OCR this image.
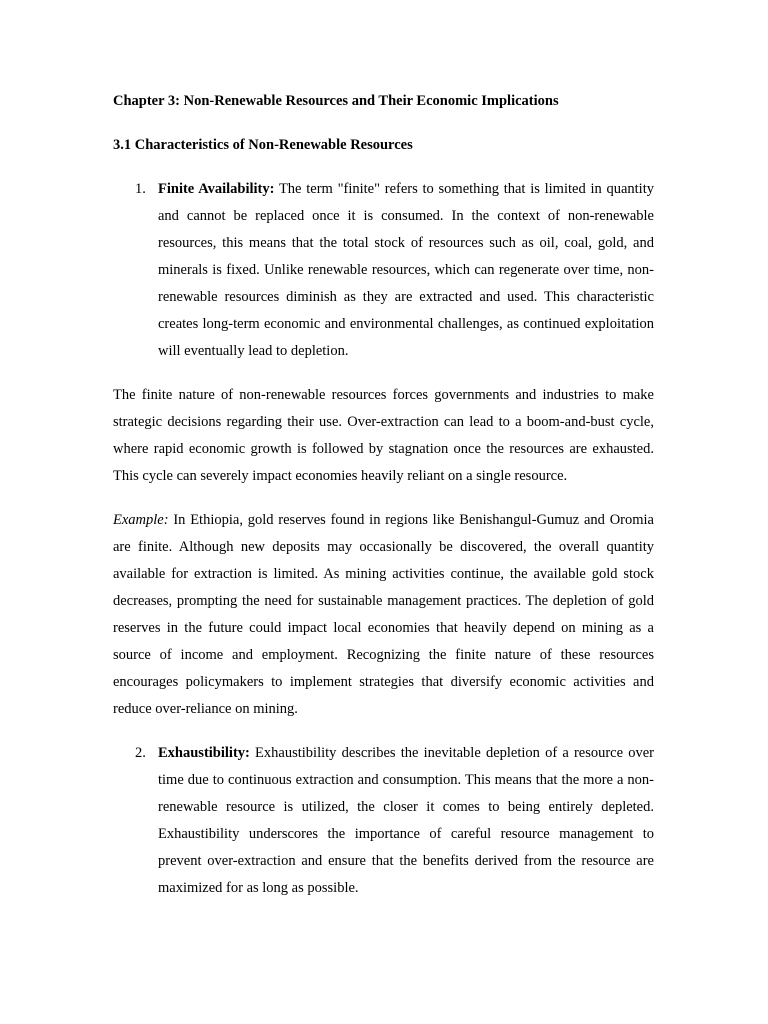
Chapter 3: Non-Renewable Resources and Their Economic Implications
3.1 Characteristics of Non-Renewable Resources
1. Finite Availability: The term "finite" refers to something that is limited in quantity and cannot be replaced once it is consumed. In the context of non-renewable resources, this means that the total stock of resources such as oil, coal, gold, and minerals is fixed. Unlike renewable resources, which can regenerate over time, non-renewable resources diminish as they are extracted and used. This characteristic creates long-term economic and environmental challenges, as continued exploitation will eventually lead to depletion.
The finite nature of non-renewable resources forces governments and industries to make strategic decisions regarding their use. Over-extraction can lead to a boom-and-bust cycle, where rapid economic growth is followed by stagnation once the resources are exhausted. This cycle can severely impact economies heavily reliant on a single resource.
Example: In Ethiopia, gold reserves found in regions like Benishangul-Gumuz and Oromia are finite. Although new deposits may occasionally be discovered, the overall quantity available for extraction is limited. As mining activities continue, the available gold stock decreases, prompting the need for sustainable management practices. The depletion of gold reserves in the future could impact local economies that heavily depend on mining as a source of income and employment. Recognizing the finite nature of these resources encourages policymakers to implement strategies that diversify economic activities and reduce over-reliance on mining.
2. Exhaustibility: Exhaustibility describes the inevitable depletion of a resource over time due to continuous extraction and consumption. This means that the more a non-renewable resource is utilized, the closer it comes to being entirely depleted. Exhaustibility underscores the importance of careful resource management to prevent over-extraction and ensure that the benefits derived from the resource are maximized for as long as possible.
